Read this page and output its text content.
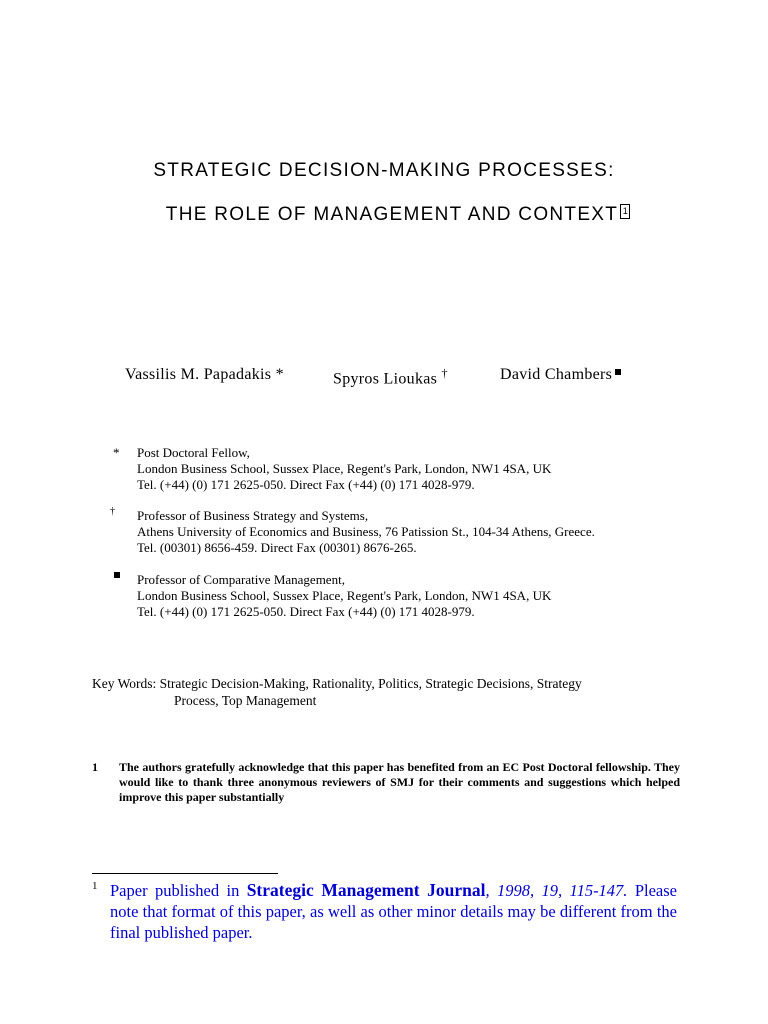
STRATEGIC DECISION-MAKING PROCESSES:
THE ROLE OF MANAGEMENT AND CONTEXT 1
Vassilis M. Papadakis *	Spyros Lioukas †	David Chambers
* Post Doctoral Fellow,
London Business School, Sussex Place, Regent's Park, London, NW1 4SA, UK
Tel. (+44) (0) 171 2625-050. Direct Fax (+44) (0) 171 4028-979.
† Professor of Business Strategy and Systems,
Athens University of Economics and Business, 76 Patission St., 104-34 Athens, Greece.
Tel. (00301) 8656-459. Direct Fax (00301) 8676-265.
Professor of Comparative Management,
London Business School, Sussex Place, Regent's Park, London, NW1 4SA, UK
Tel. (+44) (0) 171 2625-050. Direct Fax (+44) (0) 171 4028-979.
Key Words: Strategic Decision-Making, Rationality, Politics, Strategic Decisions, Strategy
Process, Top Management
1 The authors gratefully acknowledge that this paper has benefited from an EC Post Doctoral fellowship. They would like to thank three anonymous reviewers of SMJ for their comments and suggestions which helped improve this paper substantially
1 Paper published in Strategic Management Journal, 1998, 19, 115-147. Please note that format of this paper, as well as other minor details may be different from the final published paper.
